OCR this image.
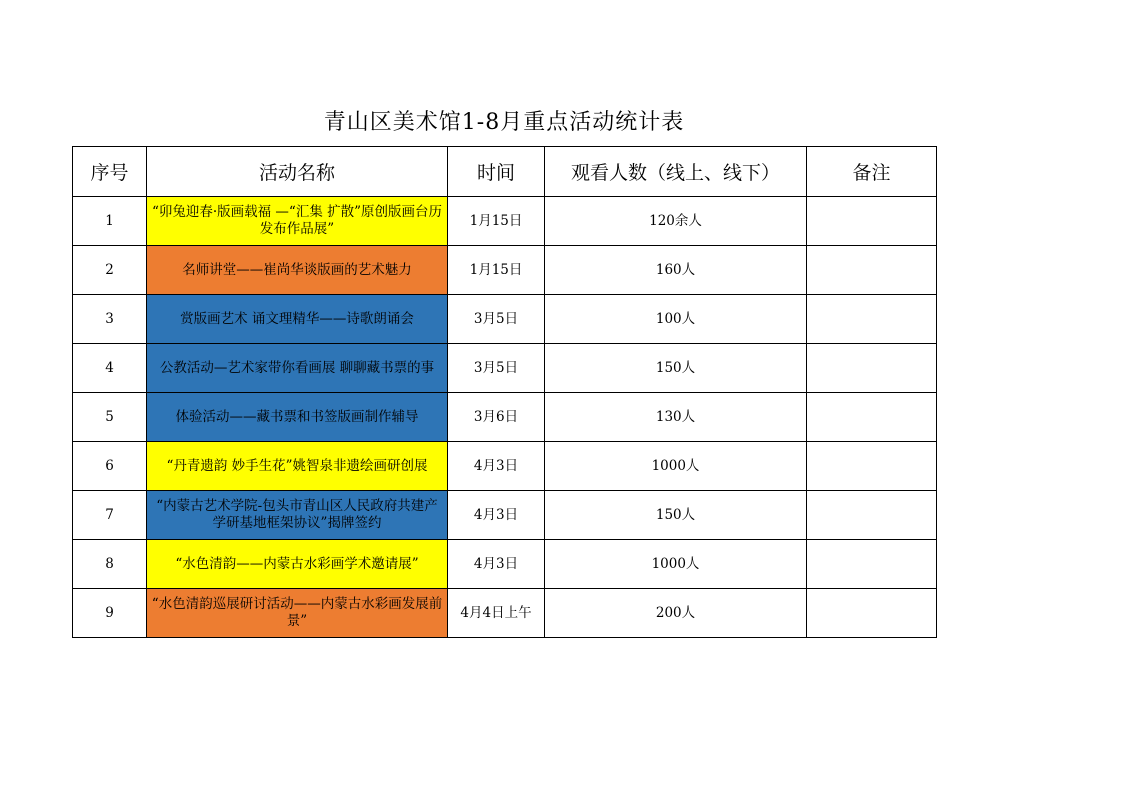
青山区美术馆1-8月重点活动统计表
序号	活动名称	时间	观看人数（线上、线下）	备注
1	“卯兔迎春·版画载福 —“汇集 扩散”原创版画台历发布作品展”	1月15日	120余人	
2	名师讲堂——崔尚华谈版画的艺术魅力	1月15日	160人	
3	赏版画艺术 诵文理精华——诗歌朗诵会	3月5日	100人	
4	公教活动—艺术家带你看画展 聊聊藏书票的事	3月5日	150人	
5	体验活动——藏书票和书签版画制作辅导	3月6日	130人	
6	“丹青遗韵 妙手生花”姚智泉非遗绘画研创展	4月3日	1000人	
7	“内蒙古艺术学院-包头市青山区人民政府共建产学研基地框架协议”揭牌签约	4月3日	150人	
8	“水色清韵——内蒙古水彩画学术邀请展”	4月3日	1000人	
9	“水色清韵巡展研讨活动——内蒙古水彩画发展前景”	4月4日上午	200人	
